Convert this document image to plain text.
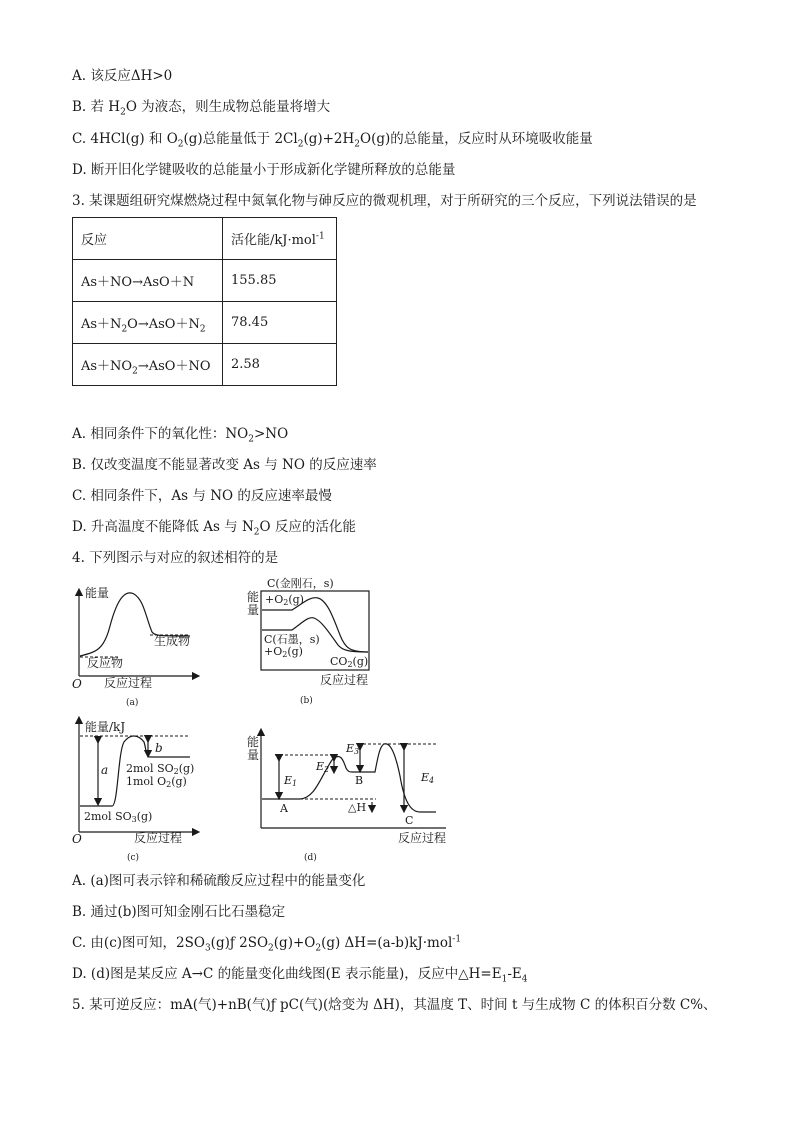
A. 该反应ΔH>0
B. 若 $H_2O$ 为液态，则生成物总能量将增大
C. 4HCl(g) 和 $O_2(g)$总能量低于 $2Cl_2(g)+2H_2O(g)$的总能量，反应时从环境吸收能量
D. 断开旧化学键吸收的总能量小于形成新化学键所释放的总能量
3. 某课题组研究煤燃烧过程中氮氧化物与砷反应的微观机理，对于所研究的三个反应，下列说法错误的是
反应	活化能/kJ·mol$^{-1}$
As＋NO→AsO＋N	155.85
$As+N_2O\to AsO+N_2$	78.45
$As+NO_2\to AsO+NO$	2.58
A. 相同条件下的氧化性：$NO_2>NO$
B. 仅改变温度不能显著改变 As 与 NO 的反应速率
C. 相同条件下，As 与 NO 的反应速率最慢
D. 升高温度不能降低 As 与 $N_2O$ 反应的活化能
4. 下列图示与对应的叙述相符的是
能量
生成物
反应物
O 反应过程
(a)
C(金刚石，s)
能
量
+O2(g)
C(石墨，s)
+O2(g)
CO2(g)
反应过程
(b)
能量/kJ
a
b
2mol SO2(g)
1mol O2(g)
2mol SO3(g)
O	反应过程
(c)
能
量
E1
E2
E3
E4
△H
A
B
C
反应过程
(d)
A. (a)图可表示锌和稀硫酸反应过程中的能量变化
B. 通过(b)图可知金刚石比石墨稳定
C. 由(c)图可知，$2SO_3(g)ƒ$ $2SO_2(g)+O_2(g)$ ΔH=(a-b)kJ·mol$^{-1}$
D. (d)图是某反应 A→C 的能量变化曲线图(E 表示能量)，反应中$\triangle H=E_1-E_4$
5. 某可逆反应：mA(气)+nB(气)ƒ pC(气)(焓变为 ΔH)，其温度 T、时间 t 与生成物 C 的体积百分数 C%、
